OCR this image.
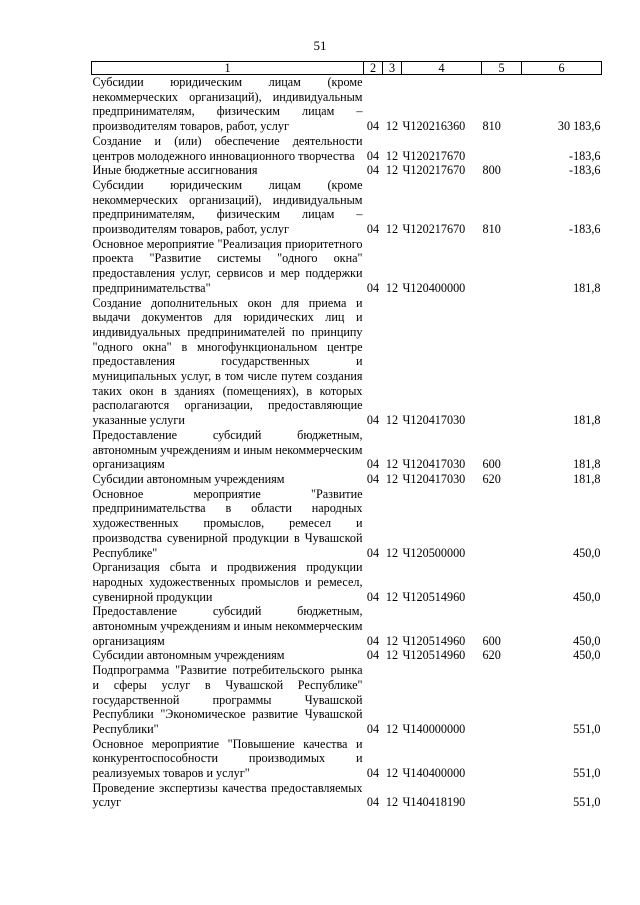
51
1	2	3	4	5	6
Субсидии юридическим лицам (кроме некоммерческих организаций), индивидуальным предпринимателям, физическим лицам – производителям товаров, работ, услуг	04	12	Ч120216360	810	30 183,6
Создание и (или) обеспечение деятельности центров молодежного инновационного творчества	04	12	Ч120217670		-183,6
Иные бюджетные ассигнования	04	12	Ч120217670	800	-183,6
Субсидии юридическим лицам (кроме некоммерческих организаций), индивидуальным предпринимателям, физическим лицам – производителям товаров, работ, услуг	04	12	Ч120217670	810	-183,6
Основное мероприятие "Реализация приоритетного проекта "Развитие системы "одного окна" предоставления услуг, сервисов и мер поддержки предпринимательства"	04	12	Ч120400000		181,8
Создание дополнительных окон для приема и выдачи документов для юридических лиц и индивидуальных предпринимателей по принципу "одного окна" в многофункциональном центре предоставления государственных и муниципальных услуг, в том числе путем создания таких окон в зданиях (помещениях), в которых располагаются организации, предоставляющие указанные услуги	04	12	Ч120417030		181,8
Предоставление субсидий бюджетным, автономным учреждениям и иным некоммерческим организациям	04	12	Ч120417030	600	181,8
Субсидии автономным учреждениям	04	12	Ч120417030	620	181,8
Основное мероприятие "Развитие предпринимательства в области народных художественных промыслов, ремесел и производства сувенирной продукции в Чувашской Республике"	04	12	Ч120500000		450,0
Организация сбыта и продвижения продукции народных художественных промыслов и ремесел, сувенирной продукции	04	12	Ч120514960		450,0
Предоставление субсидий бюджетным, автономным учреждениям и иным некоммерческим организациям	04	12	Ч120514960	600	450,0
Субсидии автономным учреждениям	04	12	Ч120514960	620	450,0
Подпрограмма "Развитие потребительского рынка и сферы услуг в Чувашской Республике" государственной программы Чувашской Республики "Экономическое развитие Чувашской Республики"	04	12	Ч140000000		551,0
Основное мероприятие "Повышение качества и конкурентоспособности производимых и реализуемых товаров и услуг"	04	12	Ч140400000		551,0
Проведение экспертизы качества предоставляемых услуг	04	12	Ч140418190		551,0
